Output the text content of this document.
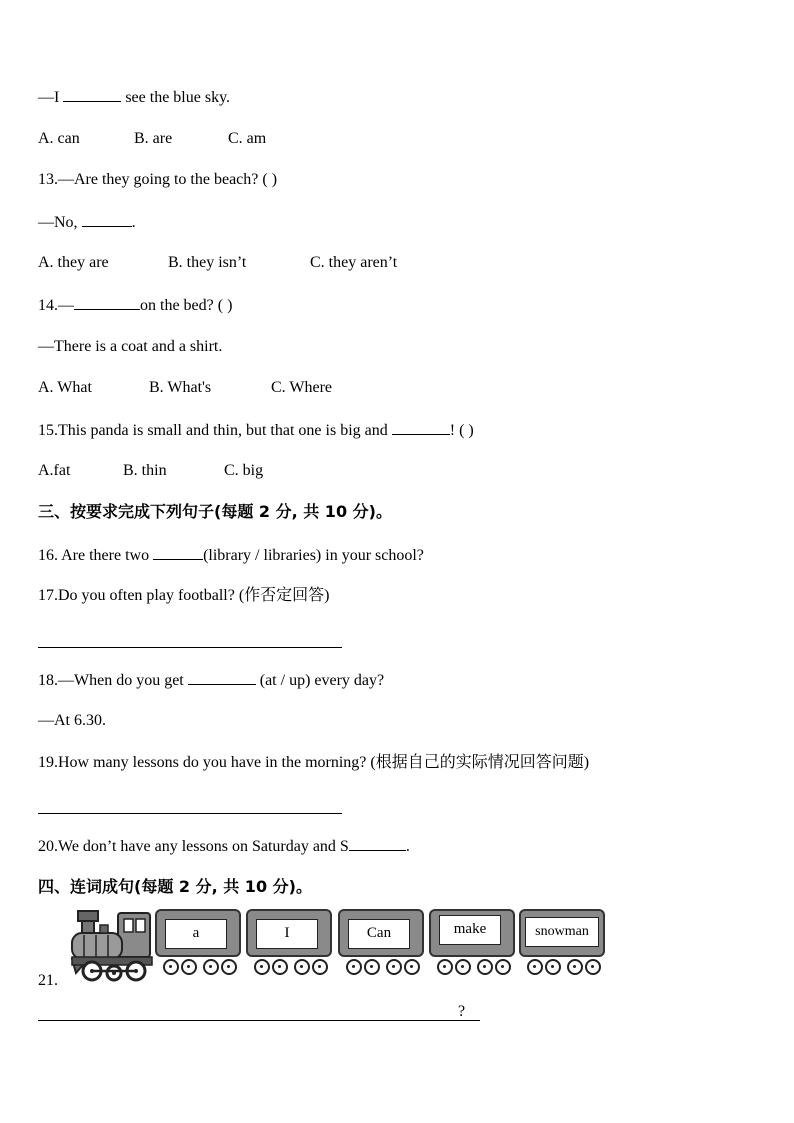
—I	see the blue sky.
A. can	B. are	C. am
13.—Are they going to the beach? ( )
—No,	.
A. they are	B. they isn’t	C. they aren’t
14.—	on the bed? ( )
—There is a coat and a shirt.
A. What	B. What's	C. Where
15.This panda is small and thin, but that one is big and	! ( )
A.fat	B. thin	C. big
三、按要求完成下列句子(每题 2 分, 共 10 分)。
16. Are there two	(library / libraries) in your school?
17.Do you often play football? (作否定回答)
18.—When do you get	(at / up) every day?
—At 6.30.
19.How many lessons do you have in the morning? (根据自己的实际情况回答问题)
20.We don’t have any lessons on Saturday and S	.
四、连词成句(每题 2 分, 共 10 分)。
21.
a	I	Can	make	snowman
?
